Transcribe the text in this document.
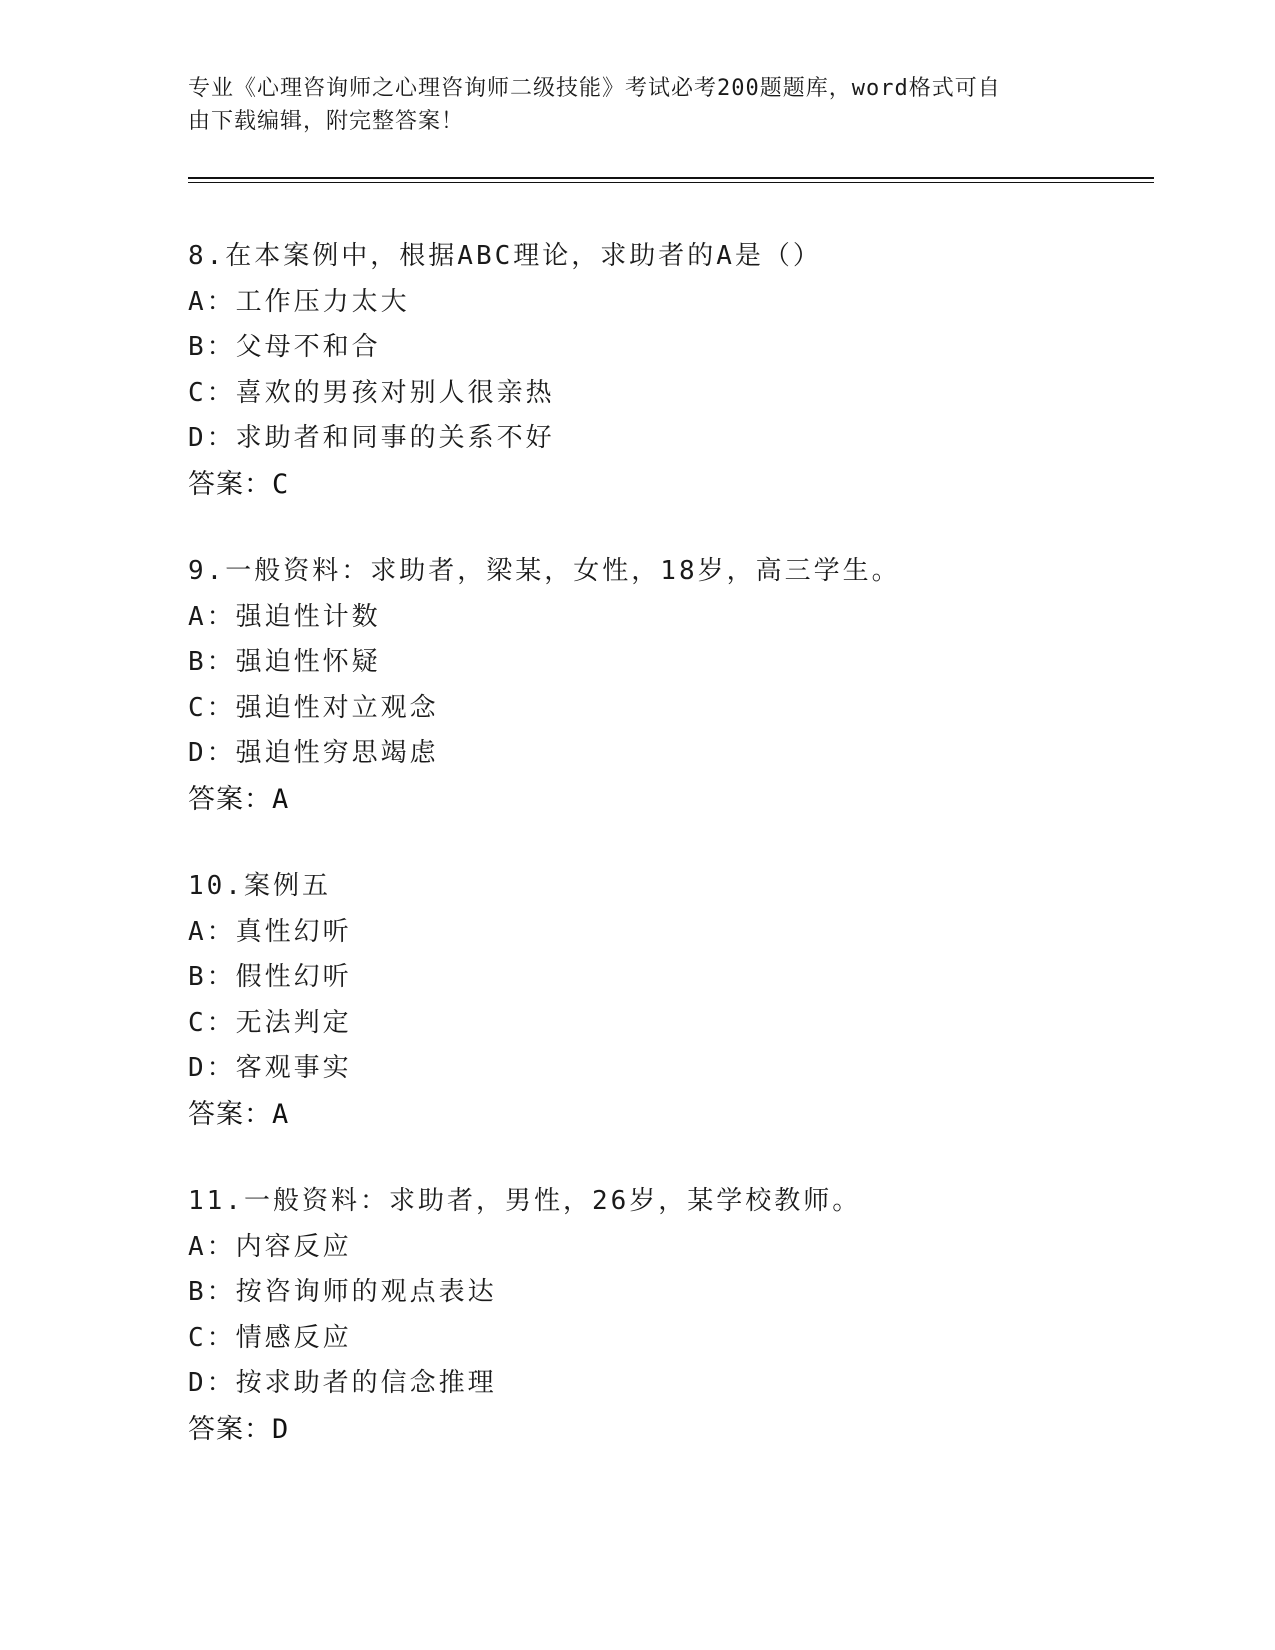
专业《心理咨询师之心理咨询师二级技能》考试必考200题题库，word格式可自
由下载编辑，附完整答案！
8.在本案例中，根据ABC理论，求助者的A是（）
A：工作压力太大
B：父母不和合
C：喜欢的男孩对别人很亲热
D：求助者和同事的关系不好
答案：C
9.一般资料：求助者，梁某，女性，18岁，高三学生。
A：强迫性计数
B：强迫性怀疑
C：强迫性对立观念
D：强迫性穷思竭虑
答案：A
10.案例五
A：真性幻听
B：假性幻听
C：无法判定
D：客观事实
答案：A
11.一般资料：求助者，男性，26岁，某学校教师。
A：内容反应
B：按咨询师的观点表达
C：情感反应
D：按求助者的信念推理
答案：D
